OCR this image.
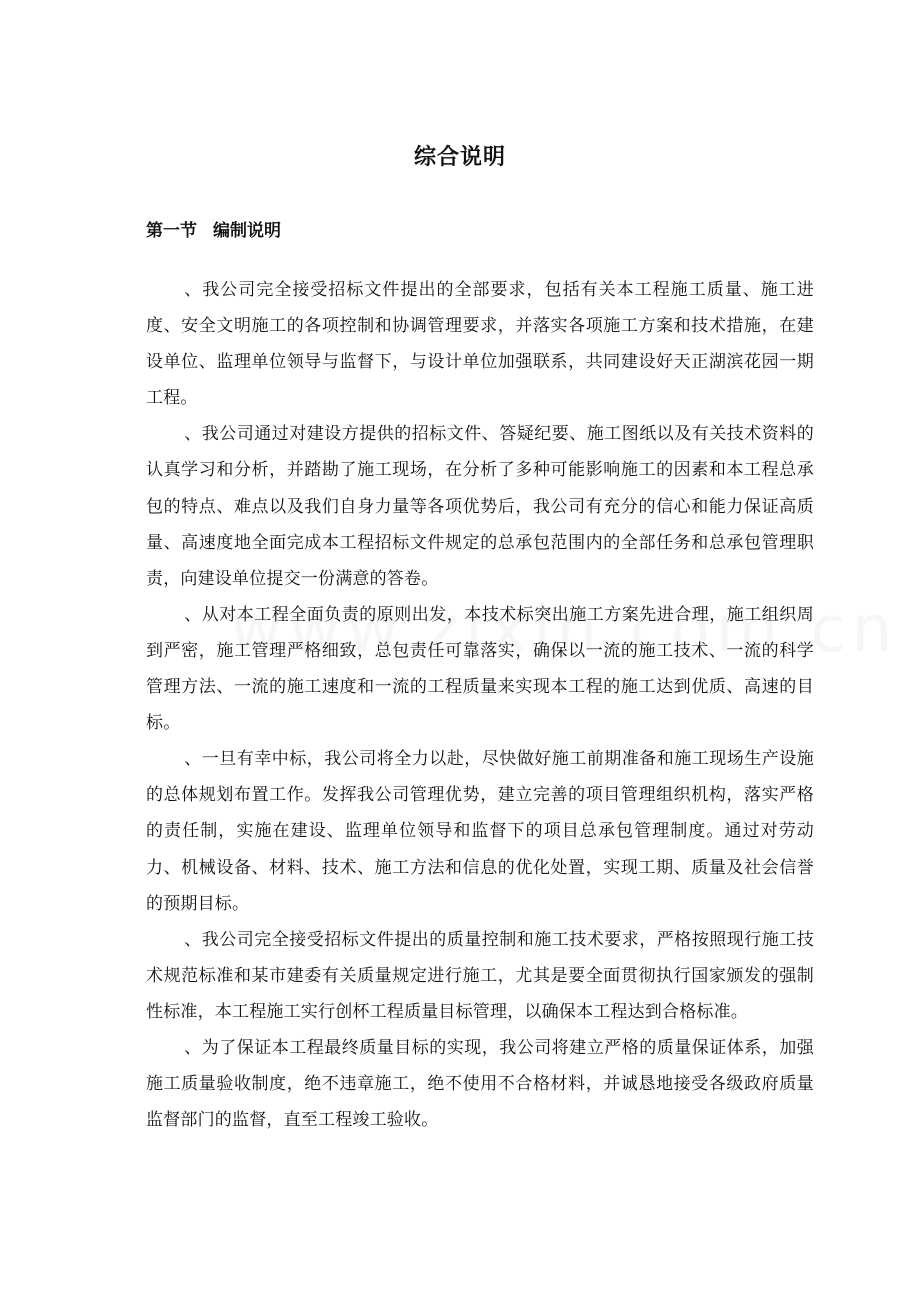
综合说明
第一节 编制说明

、我公司完全接受招标文件提出的全部要求，包括有关本工程施工质量、施工进度、安全文明施工的各项控制和协调管理要求，并落实各项施工方案和技术措施，在建设单位、监理单位领导与监督下，与设计单位加强联系，共同建设好天正湖滨花园一期工程。

、我公司通过对建设方提供的招标文件、答疑纪要、施工图纸以及有关技术资料的认真学习和分析，并踏勘了施工现场，在分析了多种可能影响施工的因素和本工程总承包的特点、难点以及我们自身力量等各项优势后，我公司有充分的信心和能力保证高质量、高速度地全面完成本工程招标文件规定的总承包范围内的全部任务和总承包管理职责，向建设单位提交一份满意的答卷。

、从对本工程全面负责的原则出发，本技术标突出施工方案先进合理，施工组织周到严密，施工管理严格细致，总包责任可靠落实，确保以一流的施工技术、一流的科学管理方法、一流的施工速度和一流的工程质量来实现本工程的施工达到优质、高速的目标。

、一旦有幸中标，我公司将全力以赴，尽快做好施工前期准备和施工现场生产设施的总体规划布置工作。发挥我公司管理优势，建立完善的项目管理组织机构，落实严格的责任制，实施在建设、监理单位领导和监督下的项目总承包管理制度。通过对劳动力、机械设备、材料、技术、施工方法和信息的优化处置，实现工期、质量及社会信誉的预期目标。

、我公司完全接受招标文件提出的质量控制和施工技术要求，严格按照现行施工技术规范标准和某市建委有关质量规定进行施工，尤其是要全面贯彻执行国家颁发的强制性标准，本工程施工实行创杯工程质量目标管理，以确保本工程达到合格标准。

、为了保证本工程最终质量目标的实现，我公司将建立严格的质量保证体系，加强施工质量验收制度，绝不违章施工，绝不使用不合格材料，并诚恳地接受各级政府质量监督部门的监督，直至工程竣工验收。
